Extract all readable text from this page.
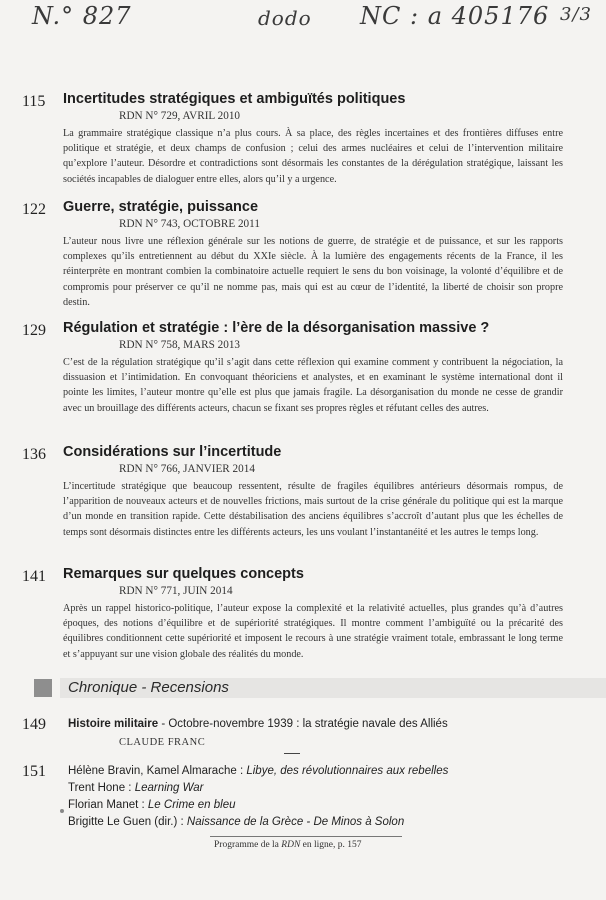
N.° 827	dodo NC : a 405176 3/3
115 Incertitudes stratégiques et ambiguïtés politiques
RDN N° 729, AVRIL 2010

La grammaire stratégique classique n’a plus cours. À sa place, des règles incertaines et des frontières diffuses entre politique et stratégie, et deux champs de confusion ; celui des armes nucléaires et celui de l’intervention militaire qu’explore l’auteur. Désordre et contradictions sont désormais les constantes de la dérégulation stratégique, laissant les sociétés incapables de dialoguer entre elles, alors qu’il y a urgence.

122 Guerre, stratégie, puissance
RDN N° 743, OCTOBRE 2011

L’auteur nous livre une réflexion générale sur les notions de guerre, de stratégie et de puissance, et sur les rapports complexes qu’ils entretiennent au début du XXIe siècle. À la lumière des engagements récents de la France, il les réinterprète en montrant combien la combinatoire actuelle requiert le sens du bon voisinage, la volonté d’équilibre et de compromis pour préserver ce qu’il ne nomme pas, mais qui est au cœur de l’identité, la liberté de choisir son propre destin.

129 Régulation et stratégie : l’ère de la désorganisation massive ?
RDN N° 758, MARS 2013

C’est de la régulation stratégique qu’il s’agit dans cette réflexion qui examine comment y contribuent la négociation, la dissuasion et l’intimidation. En convoquant théoriciens et analystes, et en examinant le système international dont il pointe les limites, l’auteur montre qu’elle est plus que jamais fragile. La désorganisation du monde ne cesse de grandir avec un brouillage des différents acteurs, chacun se fixant ses propres règles et réfutant celles des autres.

136 Considérations sur l’incertitude
RDN N° 766, JANVIER 2014

L’incertitude stratégique que beaucoup ressentent, résulte de fragiles équilibres antérieurs désormais rompus, de l’apparition de nouveaux acteurs et de nouvelles frictions, mais surtout de la crise générale du politique qui est la marque d’un monde en transition rapide. Cette déstabilisation des anciens équilibres s’accroît d’autant plus que les échelles de temps sont désormais distinctes entre les différents acteurs, les uns voulant l’instantanéité et les autres le temps long.

141 Remarques sur quelques concepts
RDN N° 771, JUIN 2014

Après un rappel historico-politique, l’auteur expose la complexité et la relativité actuelles, plus grandes qu’à d’autres époques, des notions d’équilibre et de supériorité stratégiques. Il montre comment l’ambiguïté ou la précarité des équilibres conditionnent cette supériorité et imposent le recours à une stratégie vraiment totale, embrassant le long terme et s’appuyant sur une vision globale des réalités du monde.

Chronique - Recensions
149 Histoire militaire - Octobre-novembre 1939 : la stratégie navale des Alliés
CLAUDE FRANC
151 Hélène Bravin, Kamel Almarache : Libye, des révolutionnaires aux rebelles
Trent Hone : Learning War
Florian Manet : Le Crime en bleu
Brigitte Le Guen (dir.) : Naissance de la Grèce - De Minos à Solon
Programme de la RDN en ligne, p. 157
